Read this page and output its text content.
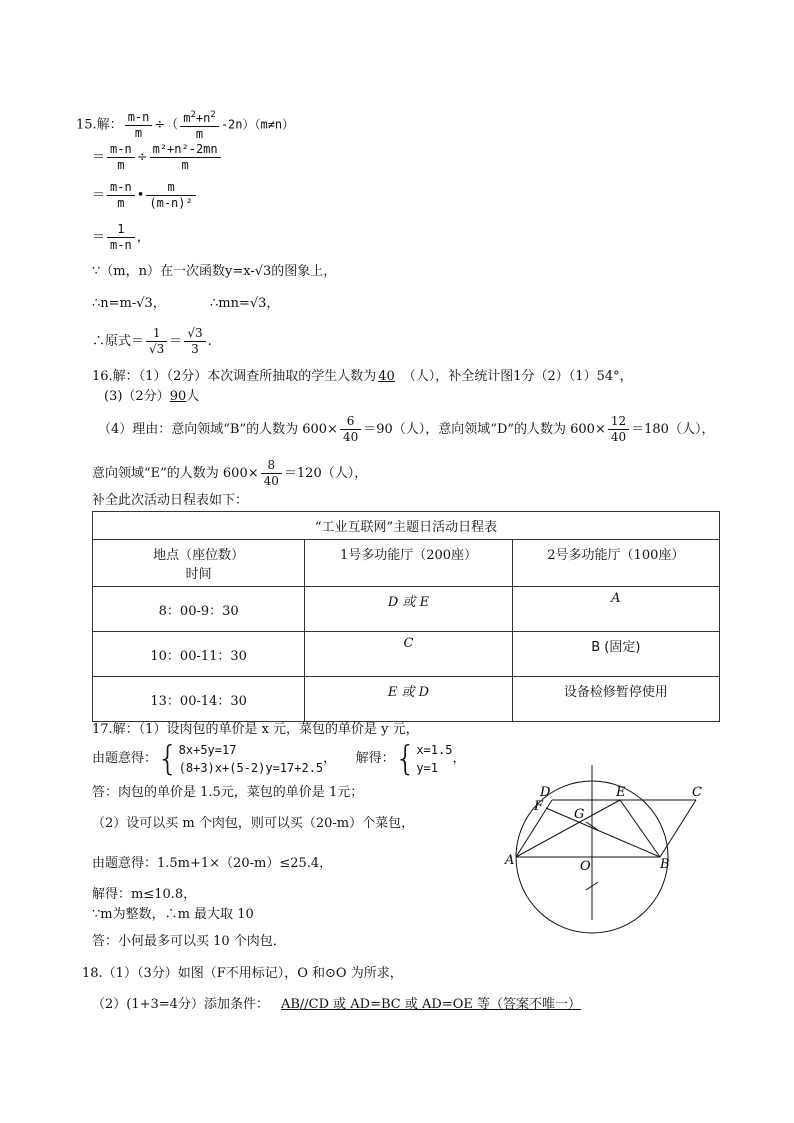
15.解： $\frac{m-n}{m}$ ÷（ $\frac{m^2+n^2}{m} -2n)(m\ne n)$
＝ $\frac{m-n}{m} \div \frac{\text{m²+n²-2mn}}{m}$
＝ $\frac{m-n}{m}$ • $\frac{m}{\text{(m-n)²}}$
＝ $\frac{1}{m-n}$ ，
∵（m，n）在一次函数y=x-√3的图象上，
∴n=m-√3，	∴mn=√3，
∴原式＝ $\frac{1}{√3} = \frac{√3}{3}$ .
16.解：（1）（2分）本次调查所抽取的学生人数为 40 （人），补全统计图1分（2）（1）54°，
(3)（2分）90人
（4）理由：意向领域“B”的人数为 $600\times \frac{6}{40} =90$（人），意向领域“D”的人数为 $600\times \frac{12}{40} =180$（人），
意向领域“E”的人数为 $600\times \frac{8}{40} =120$（人），
补全此次活动日程表如下：
“工业互联网”主题日活动日程表		
地点（座位数）
时间	1号多功能厅（200座）	2号多功能厅（100座）
8：00-9：30	D 或 E	A
10：00-11：30	C	B (固定)
13：00-14：30	E 或 D	设备检修暂停使用
17.解：（1）设肉包的单价是 x 元，菜包的单价是 y 元，
由题意得：{ 8x+5y=17
(8+3)x+(5-2)y=17+2.5
，　　解得：{ x=1.5
y=1
，
答：肉包的单价是 1.5元，菜包的单价是 1元；
（2）设可以买 m 个肉包，则可以买（20-m）个菜包，
由题意得：1.5m+1×（20-m）≤25.4，
解得：m≤10.8，
∵m为整数，∴m 最大取 10
答：小何最多可以买 10 个肉包．
18.（1）（3分）如图（F不用标记），O 和⊙O 为所求，
（2）(1+3=4分）添加条件： AB//CD 或 AD=BC 或 AD=OE 等（答案不唯一）
D	E	C
F
G
A	O	B
